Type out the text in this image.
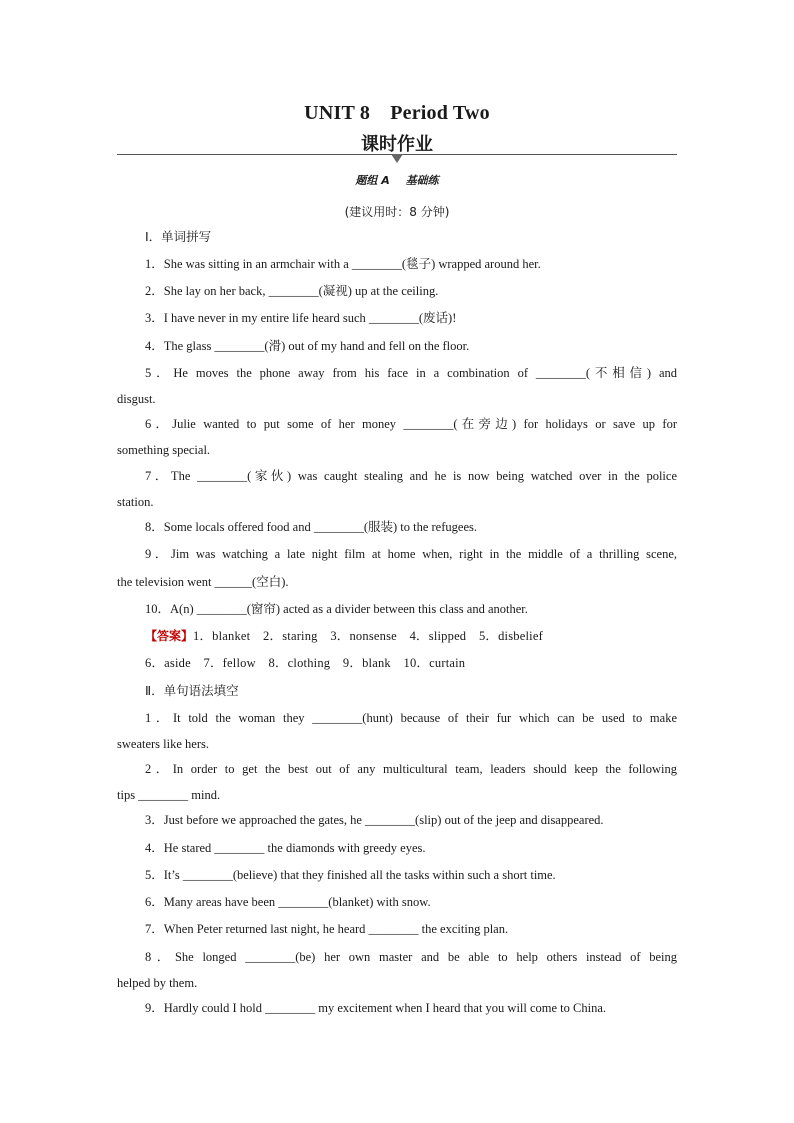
UNIT 8　Period Two
课时作业
题组 A 基础练
(建议用时：8 分钟)
Ⅰ．单词拼写
1．She was sitting in an armchair with a ________(毯子) wrapped around her.
2．She lay on her back, ________(凝视) up at the ceiling.
3．I have never in my entire life heard such ________(废话)!
4．The glass ________(滑) out of my hand and fell on the floor.
5．He moves the phone away from his face in a combination of ________(不相信) and
disgust.
6．Julie wanted to put some of her money ________(在旁边) for holidays or save up for
something special.
7．The ________(家伙) was caught stealing and he is now being watched over in the police
station.
8．Some locals offered food and ________(服装) to the refugees.
9．Jim was watching a late night film at home when, right in the middle of a thrilling scene,
the television went ______(空白).
10．A(n) ________(窗帘) acted as a divider between this class and another.
【答案】1．blanket　2．staring　3．nonsense　4．slipped　5．disbelief
6．aside　7．fellow　8．clothing　9．blank　10．curtain
Ⅱ．单句语法填空
1．It told the woman they ________(hunt) because of their fur which can be used to make
sweaters like hers.
2．In order to get the best out of any multicultural team, leaders should keep the following
tips ________ mind.
3．Just before we approached the gates, he ________(slip) out of the jeep and disappeared.
4．He stared ________ the diamonds with greedy eyes.
5．It’s ________(believe) that they finished all the tasks within such a short time.
6．Many areas have been ________(blanket) with snow.
7．When Peter returned last night, he heard ________ the exciting plan.
8．She longed ________(be) her own master and be able to help others instead of being
helped by them.
9．Hardly could I hold ________ my excitement when I heard that you will come to China.
